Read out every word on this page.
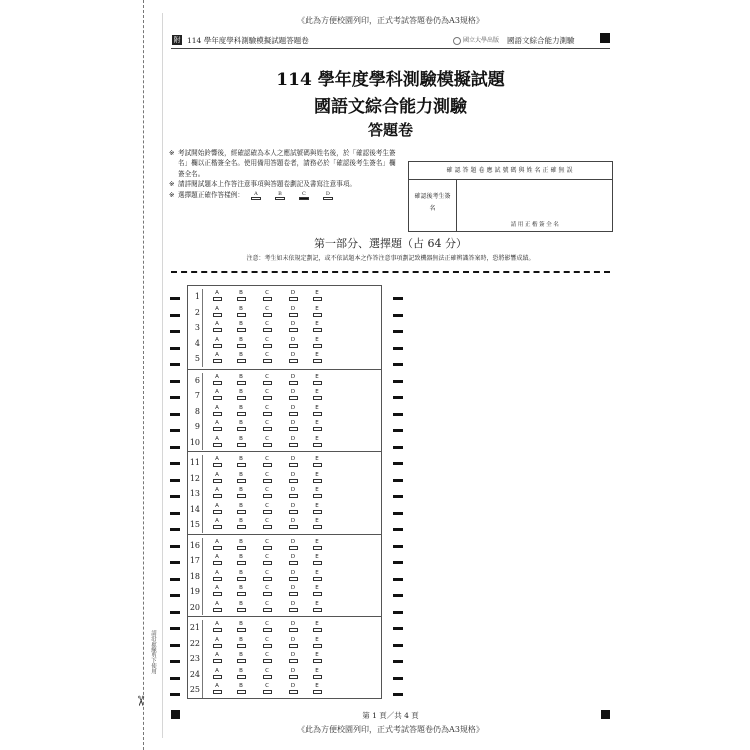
請沿虛線剪下使用
✂
《此為方便校園列印，正式考試答題卷仍為A3規格》
附 114 學年度學科測驗模擬試題答題卷	國立大學出版 國語文綜合能力測驗
114 學年度學科測驗模擬試題
國語文綜合能力測驗
答題卷
※ 考試開始鈴響後，經確認確為本人之應試號碼與姓名後，於「確認後考生簽名」欄以正楷簽全名。使用備用答題卷者，請務必於「確認後考生簽名」欄簽全名。
※ 請詳閱試題本上作答注意事項與答題卷劃記及書寫注意事項。
※ 選擇題正確作答樣例：	A	B	C	D
確認答題卷應試號碼與姓名正確無誤
確認後考生簽名
請用正楷簽全名
第一部分、選擇題（占 64 分）
注意：考生如未依規定劃記，或不依試題本之作答注意事項劃記致機器無法正確辨識答案時，恐將影響成績。
1	A	B	C	D	E
2	A	B	C	D	E
3	A	B	C	D	E
4	A	B	C	D	E
5	A	B	C	D	E
6	A	B	C	D	E
7	A	B	C	D	E
8	A	B	C	D	E
9	A	B	C	D	E
10	A	B	C	D	E
11	A	B	C	D	E
12	A	B	C	D	E
13	A	B	C	D	E
14	A	B	C	D	E
15	A	B	C	D	E
16	A	B	C	D	E
17	A	B	C	D	E
18	A	B	C	D	E
19	A	B	C	D	E
20	A	B	C	D	E
21	A	B	C	D	E
22	A	B	C	D	E
23	A	B	C	D	E
24	A	B	C	D	E
25	A	B	C	D	E
第 1 頁／共 4 頁
《此為方便校園列印，正式考試答題卷仍為A3規格》
